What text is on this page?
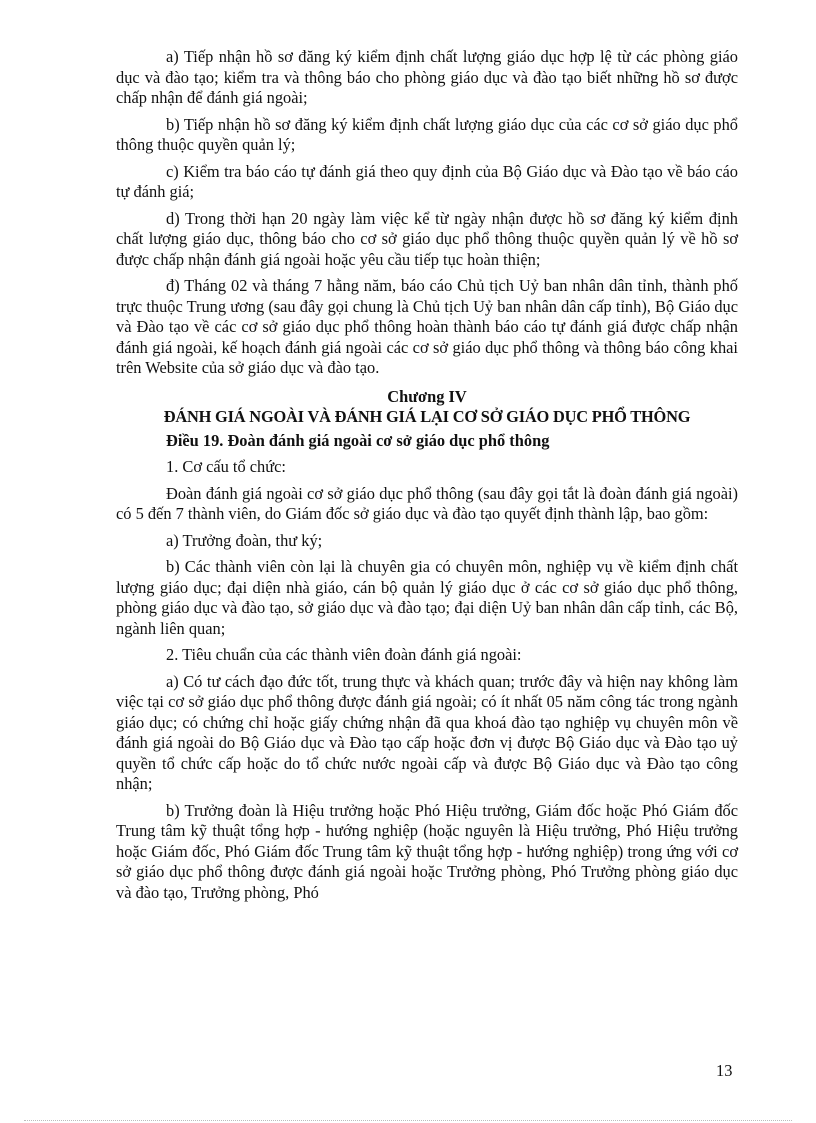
a) Tiếp nhận hồ sơ đăng ký kiểm định chất lượng giáo dục hợp lệ từ các phòng giáo dục và đào tạo; kiểm tra và thông báo cho phòng giáo dục và đào tạo biết những hồ sơ được chấp nhận để đánh giá ngoài;

b) Tiếp nhận hồ sơ đăng ký kiểm định chất lượng giáo dục của các cơ sở giáo dục phổ thông thuộc quyền quản lý;

c) Kiểm tra báo cáo tự đánh giá theo quy định của Bộ Giáo dục và Đào tạo về báo cáo tự đánh giá;

d) Trong thời hạn 20 ngày làm việc kể từ ngày nhận được hồ sơ đăng ký kiểm định chất lượng giáo dục, thông báo cho cơ sở giáo dục phổ thông thuộc quyền quản lý về hồ sơ được chấp nhận đánh giá ngoài hoặc yêu cầu tiếp tục hoàn thiện;

đ) Tháng 02 và tháng 7 hằng năm, báo cáo Chủ tịch Uỷ ban nhân dân tỉnh, thành phố trực thuộc Trung ương (sau đây gọi chung là Chủ tịch Uỷ ban nhân dân cấp tỉnh), Bộ Giáo dục và Đào tạo về các cơ sở giáo dục phổ thông hoàn thành báo cáo tự đánh giá được chấp nhận đánh giá ngoài, kế hoạch đánh giá ngoài các cơ sở giáo dục phổ thông và thông báo công khai trên Website của sở giáo dục và đào tạo.

Chương IV
ĐÁNH GIÁ NGOÀI VÀ ĐÁNH GIÁ LẠI CƠ SỞ GIÁO DỤC PHỔ THÔNG

Điều 19. Đoàn đánh giá ngoài cơ sở giáo dục phổ thông

1. Cơ cấu tổ chức:

Đoàn đánh giá ngoài cơ sở giáo dục phổ thông (sau đây gọi tắt là đoàn đánh giá ngoài) có 5 đến 7 thành viên, do Giám đốc sở giáo dục và đào tạo quyết định thành lập, bao gồm:

a) Trưởng đoàn, thư ký;

b) Các thành viên còn lại là chuyên gia có chuyên môn, nghiệp vụ về kiểm định chất lượng giáo dục; đại diện nhà giáo, cán bộ quản lý giáo dục ở các cơ sở giáo dục phổ thông, phòng giáo dục và đào tạo, sở giáo dục và đào tạo; đại diện Uỷ ban nhân dân cấp tỉnh, các Bộ, ngành liên quan;

2. Tiêu chuẩn của các thành viên đoàn đánh giá ngoài:

a) Có tư cách đạo đức tốt, trung thực và khách quan; trước đây và hiện nay không làm việc tại cơ sở giáo dục phổ thông được đánh giá ngoài; có ít nhất 05 năm công tác trong ngành giáo dục; có chứng chỉ hoặc giấy chứng nhận đã qua khoá đào tạo nghiệp vụ chuyên môn về đánh giá ngoài do Bộ Giáo dục và Đào tạo cấp hoặc đơn vị được Bộ Giáo dục và Đào tạo uỷ quyền tổ chức cấp hoặc do tổ chức nước ngoài cấp và được Bộ Giáo dục và Đào tạo công nhận;

b) Trưởng đoàn là Hiệu trưởng hoặc Phó Hiệu trưởng, Giám đốc hoặc Phó Giám đốc Trung tâm kỹ thuật tổng hợp - hướng nghiệp (hoặc nguyên là Hiệu trưởng, Phó Hiệu trưởng hoặc Giám đốc, Phó Giám đốc Trung tâm kỹ thuật tổng hợp - hướng nghiệp) trong ứng với cơ sở giáo dục phổ thông được đánh giá ngoài hoặc Trưởng phòng, Phó Trưởng phòng giáo dục và đào tạo, Trưởng phòng, Phó

13
